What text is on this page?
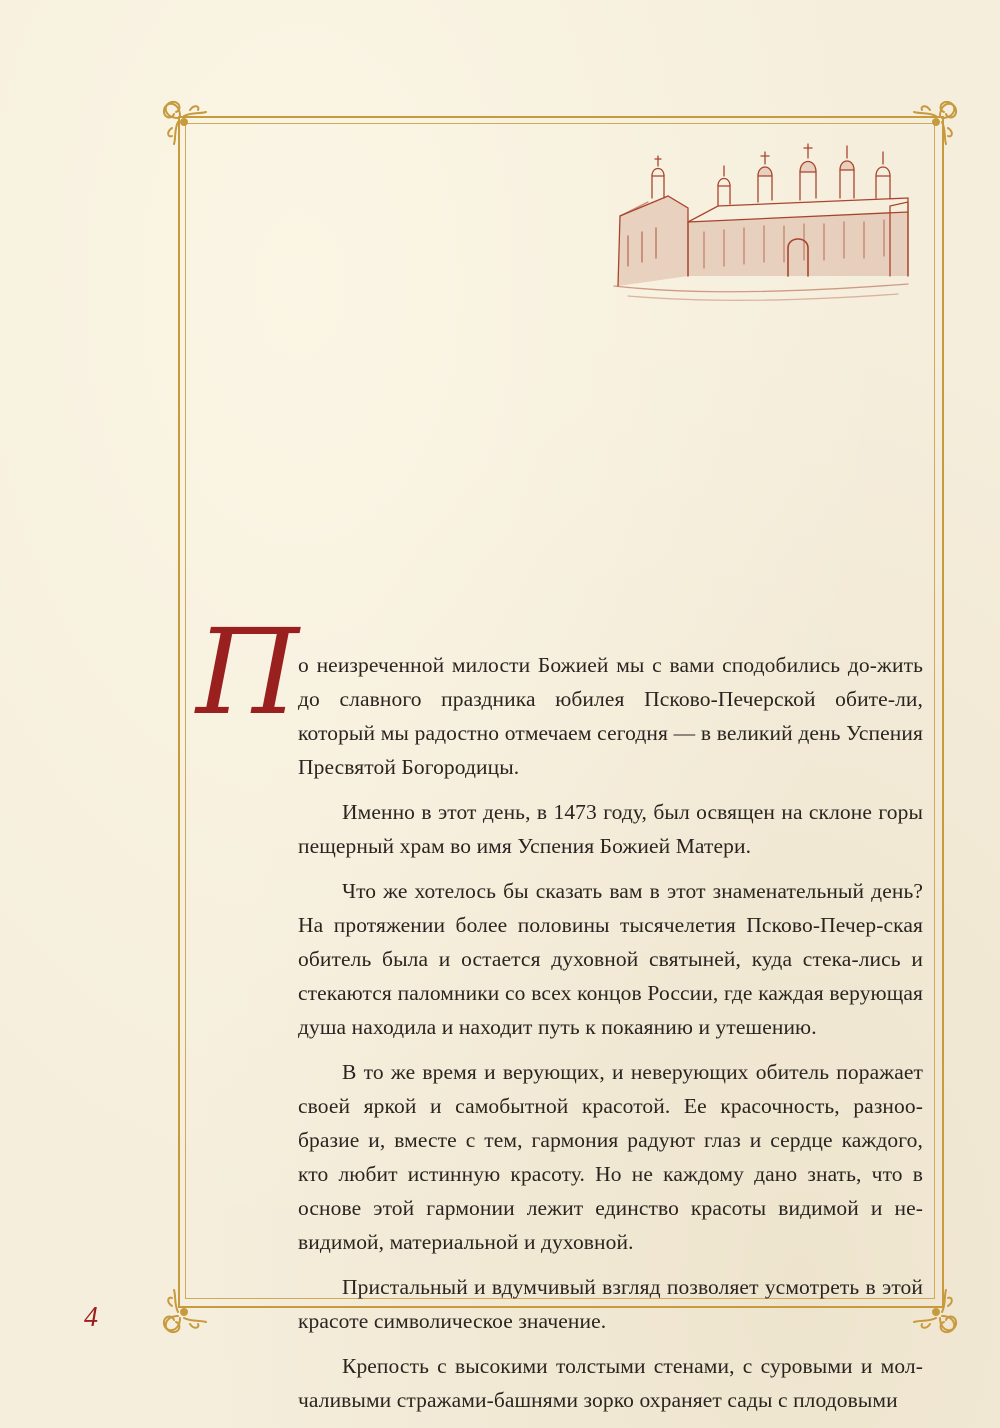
П о неизреченной милости Божией мы с вами сподобились до-жить до славного праздника юбилея Псково-Печерской обите-ли, который мы радостно отмечаем сегодня — в великий день Успения Пресвятой Богородицы.

Именно в этот день, в 1473 году, был освящен на склоне горы пещерный храм во имя Успения Божией Матери.

Что же хотелось бы сказать вам в этот знаменательный день? На протяжении более половины тысячелетия Псково-Печер-ская обитель была и остается духовной святыней, куда стека-лись и стекаются паломники со всех концов России, где каждая верующая душа находила и находит путь к покаянию и утешению.

В то же время и верующих, и неверующих обитель поражает своей яркой и самобытной красотой. Ее красочность, разноо-бразие и, вместе с тем, гармония радуют глаз и сердце каждого, кто любит истинную красоту. Но не каждому дано знать, что в основе этой гармонии лежит единство красоты видимой и не-видимой, материальной и духовной.

Пристальный и вдумчивый взгляд позволяет усмотреть в этой красоте символическое значение.

Крепость с высокими толстыми стенами, с суровыми и мол-чаливыми стражами-башнями зорко охраняет сады с плодовыми

4
